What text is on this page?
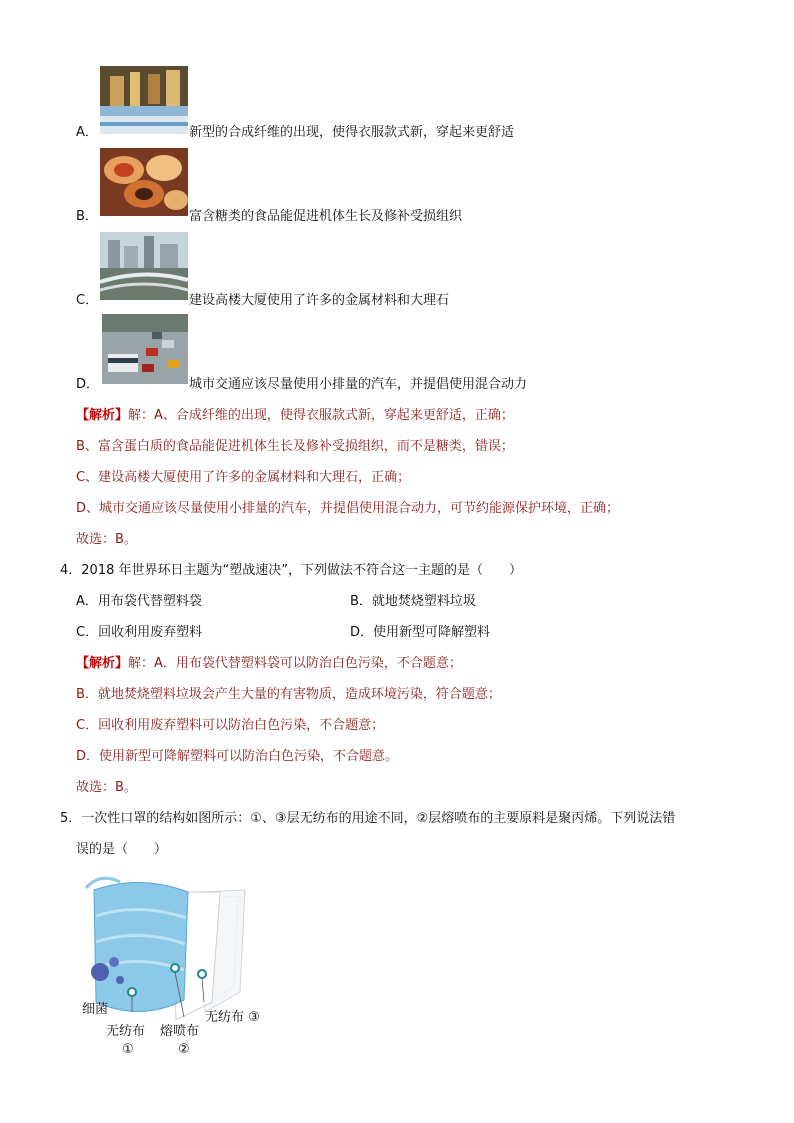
A．	新型的合成纤维的出现，使得衣服款式新，穿起来更舒适
B．	富含糖类的食品能促进机体生长及修补受损组织
C．	建设高楼大厦使用了许多的金属材料和大理石
D．	城市交通应该尽量使用小排量的汽车，并提倡使用混合动力
【解析】解：A、合成纤维的出现，使得衣服款式新，穿起来更舒适，正确；
B、富含蛋白质的食品能促进机体生长及修补受损组织，而不是糖类，错误；
C、建设高楼大厦使用了许多的金属材料和大理石，正确；
D、城市交通应该尽量使用小排量的汽车，并提倡使用混合动力，可节约能源保护环境，正确；
故选：B。
4．2018 年世界环日主题为“塑战速决”，下列做法不符合这一主题的是（　　）
A．用布袋代替塑料袋	B．就地焚烧塑料垃圾
C．回收利用废弃塑料	D．使用新型可降解塑料
【解析】解：A．用布袋代替塑料袋可以防治白色污染，不合题意；
B．就地焚烧塑料垃圾会产生大量的有害物质，造成环境污染，符合题意；
C．回收利用废弃塑料可以防治白色污染，不合题意；
D．使用新型可降解塑料可以防治白色污染，不合题意。
故选：B。
5．一次性口罩的结构如图所示：①、③层无纺布的用途不同，②层熔喷布的主要原料是聚丙烯。下列说法错
误的是（　　）
细菌
无纺布
①
熔喷布
②
无纺布 ③
